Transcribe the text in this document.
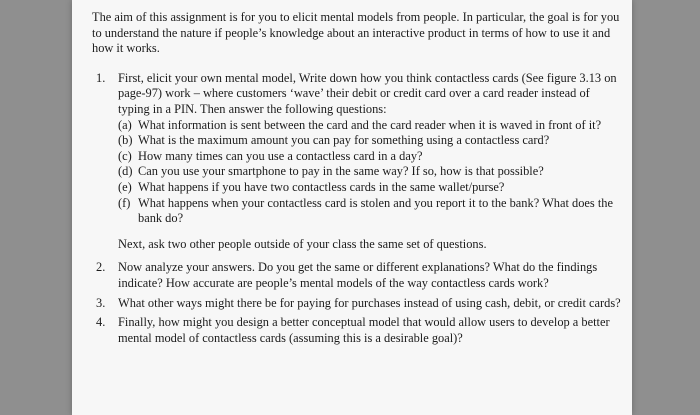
The aim of this assignment is for you to elicit mental models from people. In particular, the goal is for you to understand the nature if people’s knowledge about an interactive product in terms of how to use it and how it works.

1. First, elicit your own mental model, Write down how you think contactless cards (See figure 3.13 on page-97) work – where customers ‘wave’ their debit or credit card over a card reader instead of typing in a PIN. Then answer the following questions:
(a) What information is sent between the card and the card reader when it is waved in front of it?
(b) What is the maximum amount you can pay for something using a contactless card?
(c) How many times can you use a contactless card in a day?
(d) Can you use your smartphone to pay in the same way? If so, how is that possible?
(e) What happens if you have two contactless cards in the same wallet/purse?
(f) What happens when your contactless card is stolen and you report it to the bank? What does the bank do?

Next, ask two other people outside of your class the same set of questions.

2. Now analyze your answers. Do you get the same or different explanations? What do the findings indicate? How accurate are people’s mental models of the way contactless cards work?
3. What other ways might there be for paying for purchases instead of using cash, debit, or credit cards?
4. Finally, how might you design a better conceptual model that would allow users to develop a better mental model of contactless cards (assuming this is a desirable goal)?
